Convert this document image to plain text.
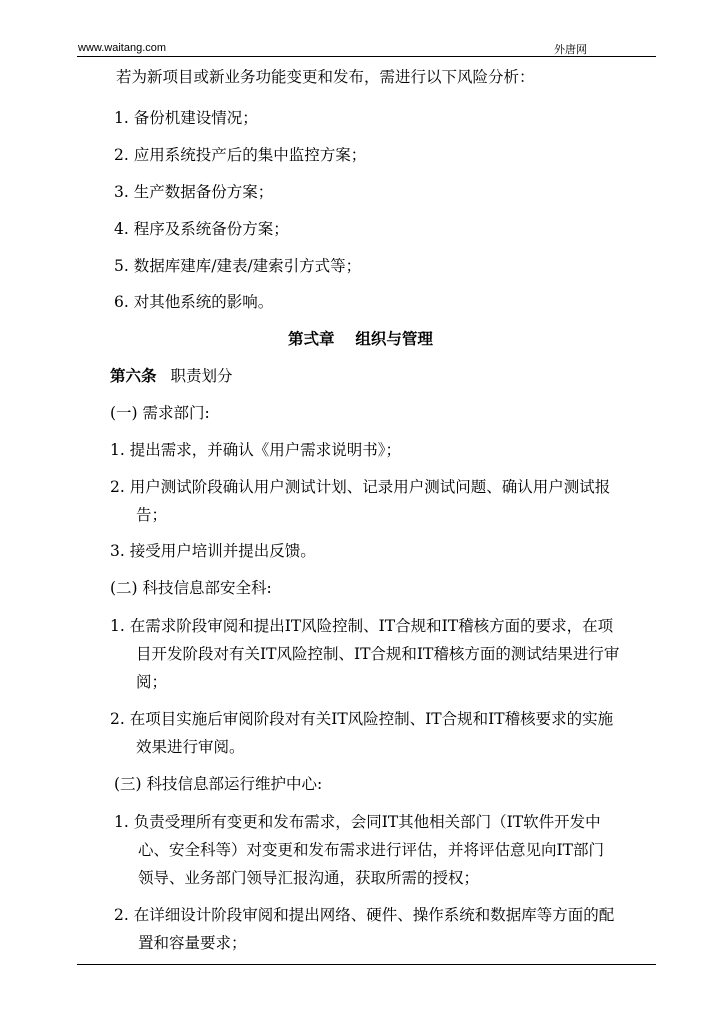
www.waitang.com	外唐网
若为新项目或新业务功能变更和发布，需进行以下风险分析：
1. 备份机建设情况；
2. 应用系统投产后的集中监控方案；
3. 生产数据备份方案；
4. 程序及系统备份方案；
5. 数据库建库/建表/建索引方式等；
6. 对其他系统的影响。
第弍章　 组织与管理
第六条 职责划分
(一) 需求部门:
1. 提出需求，并确认《用户需求说明书》；
2. 用户测试阶段确认用户测试计划、记录用户测试问题、确认用户测试报
告；
3. 接受用户培训并提出反馈。
(二) 科技信息部安全科:
1. 在需求阶段审阅和提出IT风险控制、IT合规和IT稽核方面的要求，在项
目开发阶段对有关IT风险控制、IT合规和IT稽核方面的测试结果进行审
阅；
2. 在项目实施后审阅阶段对有关IT风险控制、IT合规和IT稽核要求的实施
效果进行审阅。
(三) 科技信息部运行维护中心:
1. 负责受理所有变更和发布需求，会同IT其他相关部门（IT软件开发中
心、安全科等）对变更和发布需求进行评估，并将评估意见向IT部门
领导、业务部门领导汇报沟通，获取所需的授权；
2. 在详细设计阶段审阅和提出网络、硬件、操作系统和数据库等方面的配
置和容量要求；
